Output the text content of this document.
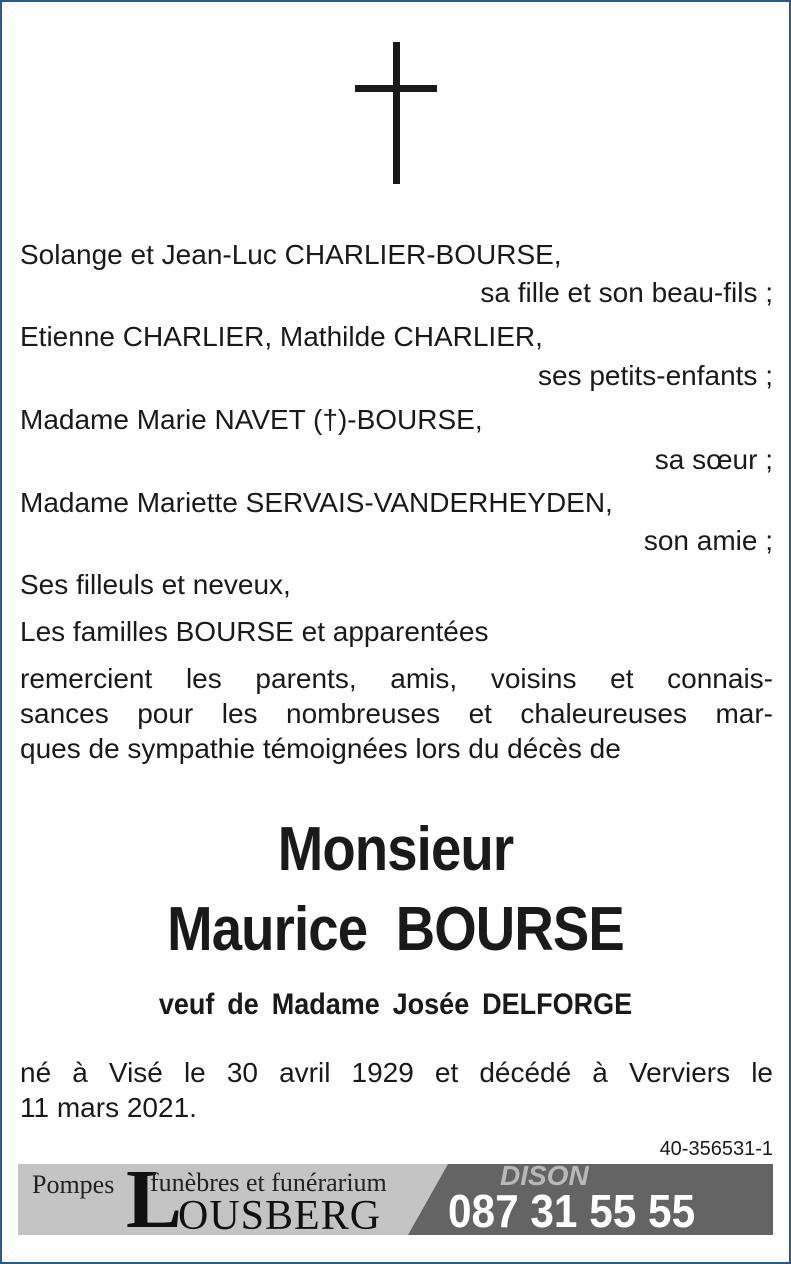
Solange et Jean-Luc CHARLIER-BOURSE,
sa fille et son beau-fils ;
Etienne CHARLIER, Mathilde CHARLIER,
ses petits-enfants ;
Madame Marie NAVET (†)-BOURSE,
sa sœur ;
Madame Mariette SERVAIS-VANDERHEYDEN,
son amie ;
Ses filleuls et neveux,
Les familles BOURSE et apparentées
remercient les parents, amis, voisins et connais-
sances pour les nombreuses et chaleureuses mar-
ques de sympathie témoignées lors du décès de
Monsieur
Maurice  BOURSE
veuf de Madame Josée DELFORGE
né à Visé le 30 avril 1929 et décédé à Verviers le
11 mars 2021.
40-356531-1
Pompes L
funèbres et funérarium
OUSBERG
DISON
087 31 55 55
